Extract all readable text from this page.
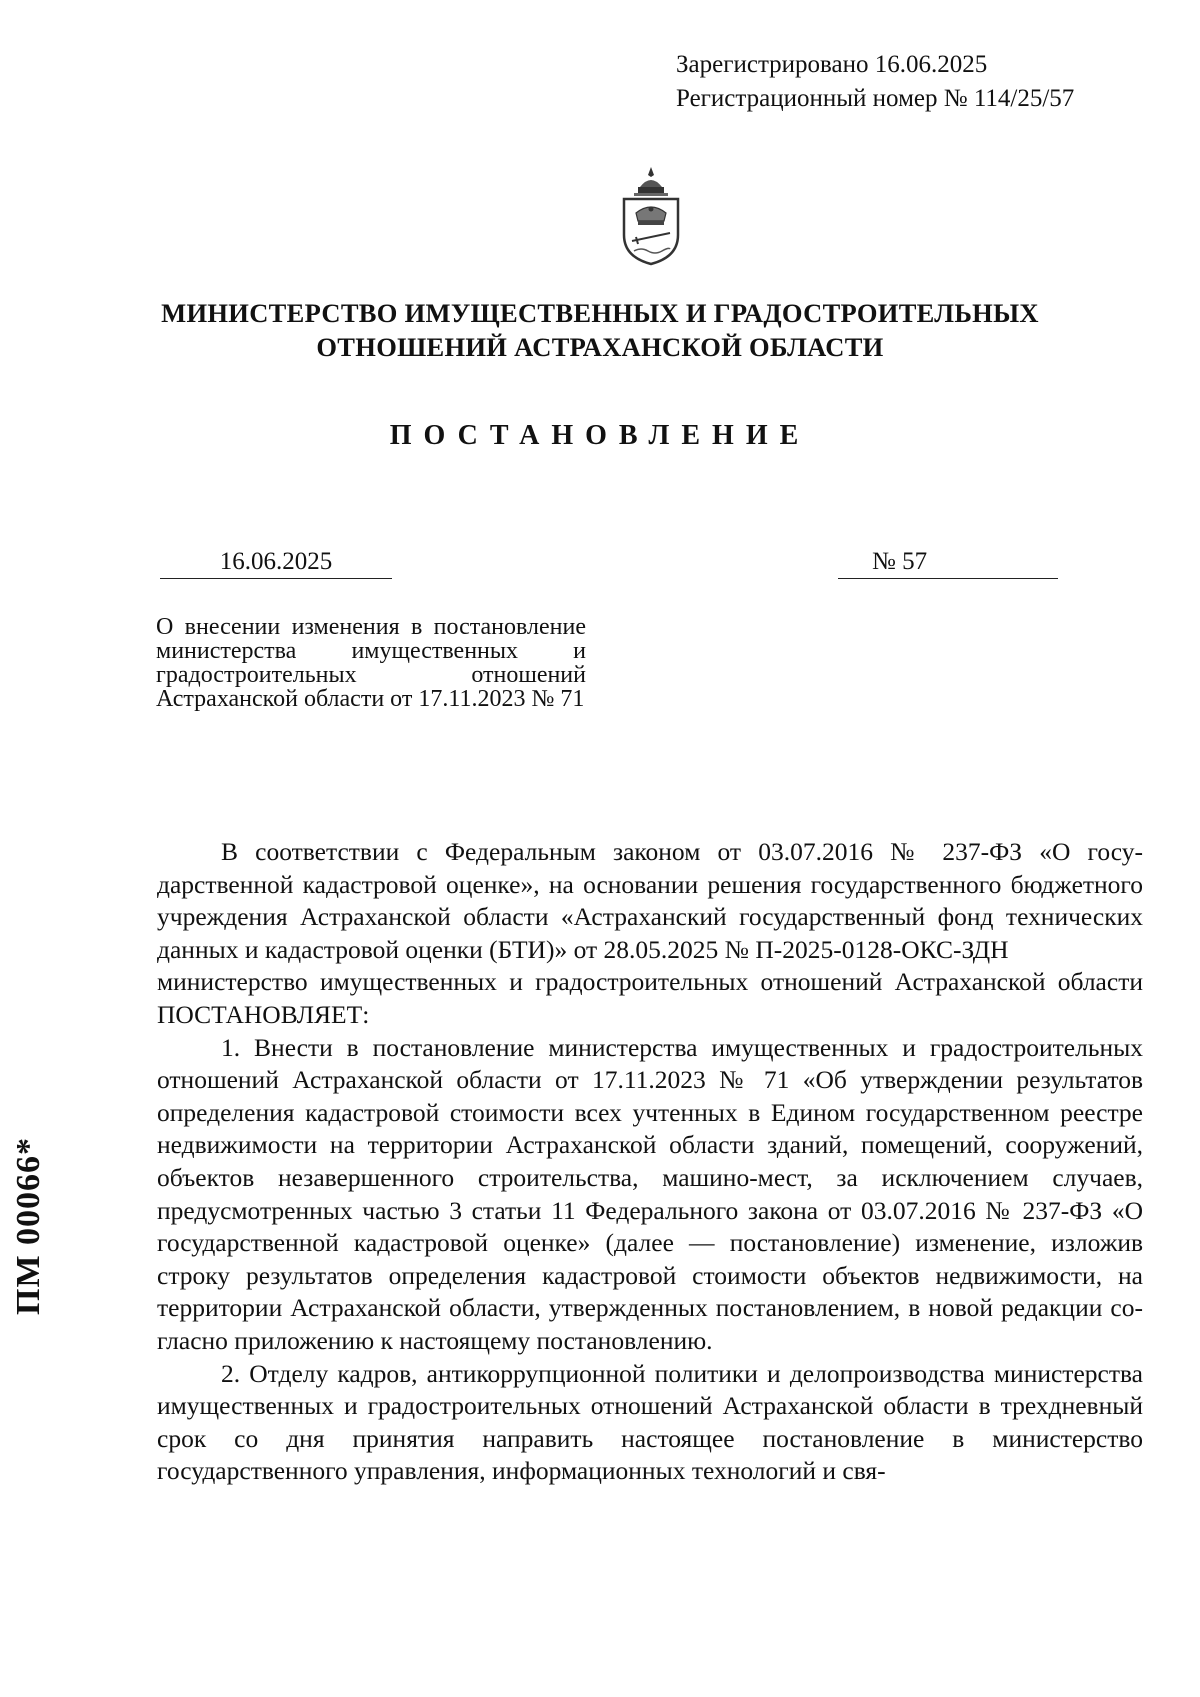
Зарегистрировано 16.06.2025
Регистрационный номер № 114/25/57
МИНИСТЕРСТВО ИМУЩЕСТВЕННЫХ И ГРАДОСТРОИТЕЛЬНЫХ
ОТНОШЕНИЙ АСТРАХАНСКОЙ ОБЛАСТИ
ПОСТАНОВЛЕНИЕ
16.06.2025	№ 57
О внесении изменения в постановление министерства имущественных и градостроительных отношений Астраханской области от 17.11.2023 № 71

В соответствии с Федеральным законом от 03.07.2016 № 237-ФЗ «О государственной кадастровой оценке», на основании решения государственного бюджетного учреждения Астраханской области «Астраханский государственный фонд технических данных и кадастровой оценки (БТИ)» от 28.05.2025 № П-2025-0128-ОКС-ЗДН

министерство имущественных и градостроительных отношений Астраханской области ПОСТАНОВЛЯЕТ:

1. Внести в постановление министерства имущественных и градостроительных отношений Астраханской области от 17.11.2023 № 71 «Об утверждении результатов определения кадастровой стоимости всех учтенных в Едином государственном реестре недвижимости на территории Астраханской области зданий, помещений, сооружений, объектов незавершенного строительства, машино-мест, за исключением случаев, предусмотренных частью 3 статьи 11 Федерального закона от 03.07.2016 № 237-ФЗ «О государственной кадастровой оценке» (далее — постановление) изменение, изложив строку результатов определения кадастровой стоимости объектов недвижимости, на территории Астраханской области, утвержденных постановлением, в новой редакции согласно приложению к настоящему постановлению.

2. Отделу кадров, антикоррупционной политики и делопроизводства министерства имущественных и градостроительных отношений Астраханской области в трехдневный срок со дня принятия направить настоящее постановление в министерство государственного управления, информационных технологий и свя-

ПМ 00066*
